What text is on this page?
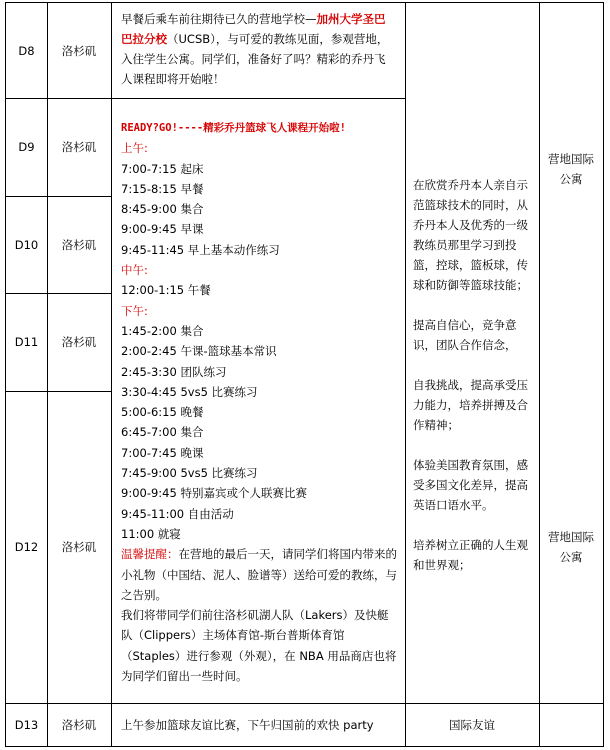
D8
D9
D10
D11
D12
D13
洛杉矶
洛杉矶
洛杉矶
洛杉矶
洛杉矶
洛杉矶
早餐后乘车前往期待已久的营地学校—加州大学圣巴巴拉分校（UCSB），与可爱的教练见面，参观营地，入住学生公寓。同学们，准备好了吗？精彩的乔丹飞人课程即将开始啦！

READY?GO!----精彩乔丹篮球飞人课程开始啦!

上午:

7:00-7:15 起床

7:15-8:15 早餐

8:45-9:00 集合

9:00-9:45 早课

9:45-11:45 早上基本动作练习

中午:

12:00-1:15 午餐

下午:

1:45-2:00 集合

2:00-2:45 午课-篮球基本常识

2:45-3:30 团队练习

3:30-4:45 5vs5 比赛练习

5:00-6:15 晚餐

6:45-7:00 集合

7:00-7:45 晚课

7:45-9:00 5vs5 比赛练习

9:00-9:45 特别嘉宾或个人联赛比赛

9:45-11:00 自由活动

11:00 就寝

温馨提醒：在营地的最后一天，请同学们将国内带来的小礼物（中国结、泥人、脸谱等）送给可爱的教练，与之告别。

我们将带同学们前往洛杉矶湖人队（Lakers）及快艇队（Clippers）主场体育馆-斯台普斯体育馆（Staples）进行参观（外观），在 NBA 用品商店也将为同学们留出一些时间。

在欣赏乔丹本人亲自示范篮球技术的同时，从乔丹本人及优秀的一级教练员那里学习到投篮，控球，篮板球，传球和防御等篮球技能；

提高自信心，竞争意识，团队合作信念，

自我挑战，提高承受压力能力，培养拼搏及合作精神；

体验美国教育氛围，感受多国文化差异，提高英语口语水平。

培养树立正确的人生观和世界观；

营地国际公寓
营地国际公寓
上午参加篮球友谊比赛，下午归国前的欢快 party	国际友谊
